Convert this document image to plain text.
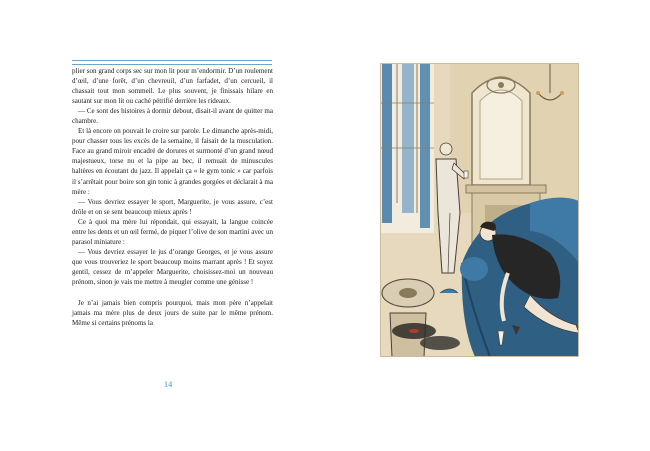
plier son grand corps sec sur mon lit pour m’endormir. D’un roulement d’œil, d’une forêt, d’un chevreuil, d’un farfadet, d’un cercueil, il chassait tout mon sommeil. Le plus souvent, je finissais hilare en sautant sur mon lit ou caché pétrifié derrière les rideaux.

— Ce sont des histoires à dormir debout, disait-il avant de quitter ma chambre.

Et là encore on pouvait le croire sur parole. Le dimanche après-midi, pour chasser tous les excès de la semaine, il faisait de la musculation. Face au grand miroir encadré de dorures et surmonté d’un grand nœud majestueux, torse nu et la pipe au bec, il remuait de minuscules haltères en écoutant du jazz. Il appelait ça « le gym tonic » car parfois il s’arrêtait pour boire son gin tonic à grandes gorgées et déclarait à ma mère :

— Vous devriez essayer le sport, Marguerite, je vous assure, c’est drôle et on se sent beaucoup mieux après !

Ce à quoi ma mère lui répondait, qui essayait, la langue coincée entre les dents et un œil fermé, de piquer l’olive de son martini avec un parasol miniature :

— Vous devriez essayer le jus d’orange Georges, et je vous assure que vous trouveriez le sport beaucoup moins marrant après ! Et soyez gentil, cessez de m’appeler Marguerite, choisissez-moi un nouveau prénom, sinon je vais me mettre à meugler comme une génisse !

Je n’ai jamais bien compris pourquoi, mais mon père n’appelait jamais ma mère plus de deux jours de suite par le même prénom. Même si certains prénoms la

14
